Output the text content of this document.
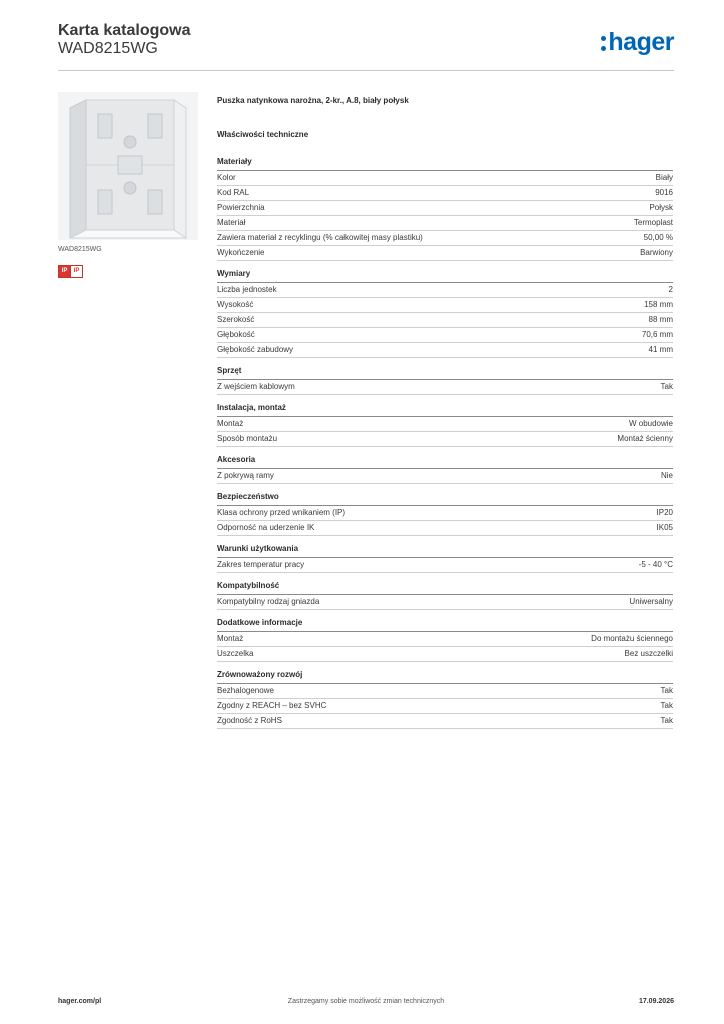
Karta katalogowa
WAD8215WG	hager
WAD8215WG
IP	IP
Puszka natynkowa narożna, 2-kr., A.8, biały połysk
Właściwości techniczne
Materiały
Kolor	Biały
Kod RAL	9016
Powierzchnia	Połysk
Materiał	Termoplast
Zawiera materiał z recyklingu (% całkowitej masy plastiku)	50,00 %
Wykończenie	Barwiony
Wymiary
Liczba jednostek	2
Wysokość	158 mm
Szerokość	88 mm
Głębokość	70,6 mm
Głębokość zabudowy	41 mm
Sprzęt
Z wejściem kablowym	Tak
Instalacja, montaż
Montaż	W obudowie
Sposób montażu	Montaż ścienny
Akcesoria
Z pokrywą ramy	Nie
Bezpieczeństwo
Klasa ochrony przed wnikaniem (IP)	IP20
Odporność na uderzenie IK	IK05
Warunki użytkowania
Zakres temperatur pracy	-5 - 40 °C
Kompatybilność
Kompatybilny rodzaj gniazda	Uniwersalny
Dodatkowe informacje
Montaż	Do montażu ściennego
Uszczelka	Bez uszczelki
Zrównoważony rozwój
Bezhalogenowe	Tak
Zgodny z REACH – bez SVHC	Tak
Zgodność z RoHS	Tak
hager.com/pl	Zastrzegamy sobie możliwość zmian technicznych	17.09.2026
